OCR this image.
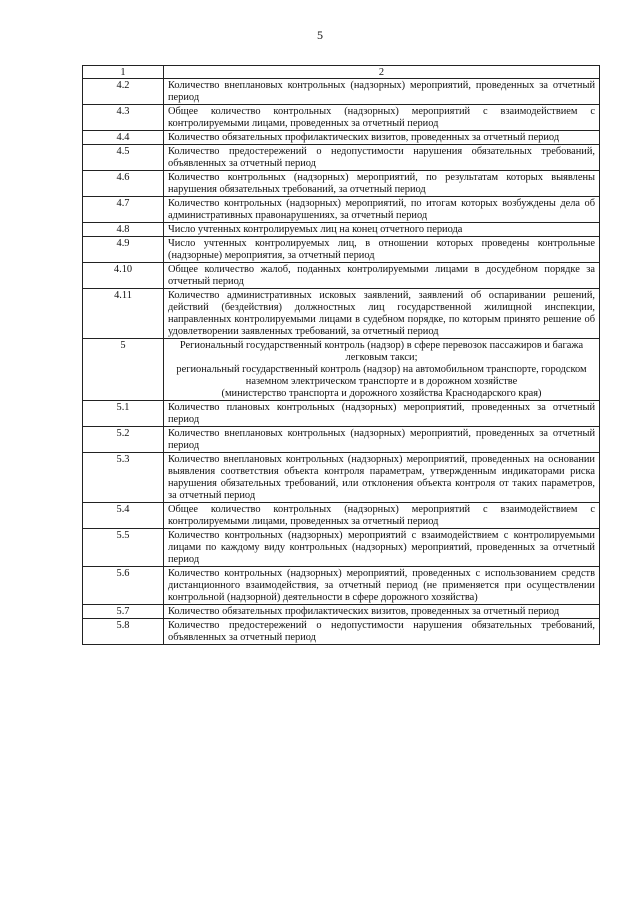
5
1	2
4.2	Количество внеплановых контрольных (надзорных) мероприятий, проведенных за отчетный период
4.3	Общее количество контрольных (надзорных) мероприятий с взаимодействием с контролируемыми лицами, проведенных за отчетный период
4.4	Количество обязательных профилактических визитов, проведенных за отчетный период
4.5	Количество предостережений о недопустимости нарушения обязательных требований, объявленных за отчетный период
4.6	Количество контрольных (надзорных) мероприятий, по результатам которых выявлены нарушения обязательных требований, за отчетный период
4.7	Количество контрольных (надзорных) мероприятий, по итогам которых возбуждены дела об административных правонарушениях, за отчетный период
4.8	Число учтенных контролируемых лиц на конец отчетного периода
4.9	Число учтенных контролируемых лиц, в отношении которых проведены контрольные (надзорные) мероприятия, за отчетный период
4.10	Общее количество жалоб, поданных контролируемыми лицами в досудебном порядке за отчетный период
4.11	Количество административных исковых заявлений, заявлений об оспаривании решений, действий (бездействия) должностных лиц государственной жилищной инспекции, направленных контролируемыми лицами в судебном порядке, по которым принято решение об удовлетворении заявленных требований, за отчетный период
5	Региональный государственный контроль (надзор) в сфере перевозок пассажиров и багажа легковым такси;
региональный государственный контроль (надзор) на автомобильном транспорте, городском наземном электрическом транспорте и в дорожном хозяйстве
(министерство транспорта и дорожного хозяйства Краснодарского края)

5.1	Количество плановых контрольных (надзорных) мероприятий, проведенных за отчетный период
5.2	Количество внеплановых контрольных (надзорных) мероприятий, проведенных за отчетный период
5.3	Количество внеплановых контрольных (надзорных) мероприятий, проведенных на основании выявления соответствия объекта контроля параметрам, утвержденным индикаторами риска нарушения обязательных требований, или отклонения объекта контроля от таких параметров, за отчетный период
5.4	Общее количество контрольных (надзорных) мероприятий с взаимодействием с контролируемыми лицами, проведенных за отчетный период
5.5	Количество контрольных (надзорных) мероприятий с взаимодействием с контролируемыми лицами по каждому виду контрольных (надзорных) мероприятий, проведенных за отчетный период
5.6	Количество контрольных (надзорных) мероприятий, проведенных с использованием средств дистанционного взаимодействия, за отчетный период (не применяется при осуществлении контрольной (надзорной) деятельности в сфере дорожного хозяйства)
5.7	Количество обязательных профилактических визитов, проведенных за отчетный период
5.8	Количество предостережений о недопустимости нарушения обязательных требований, объявленных за отчетный период
